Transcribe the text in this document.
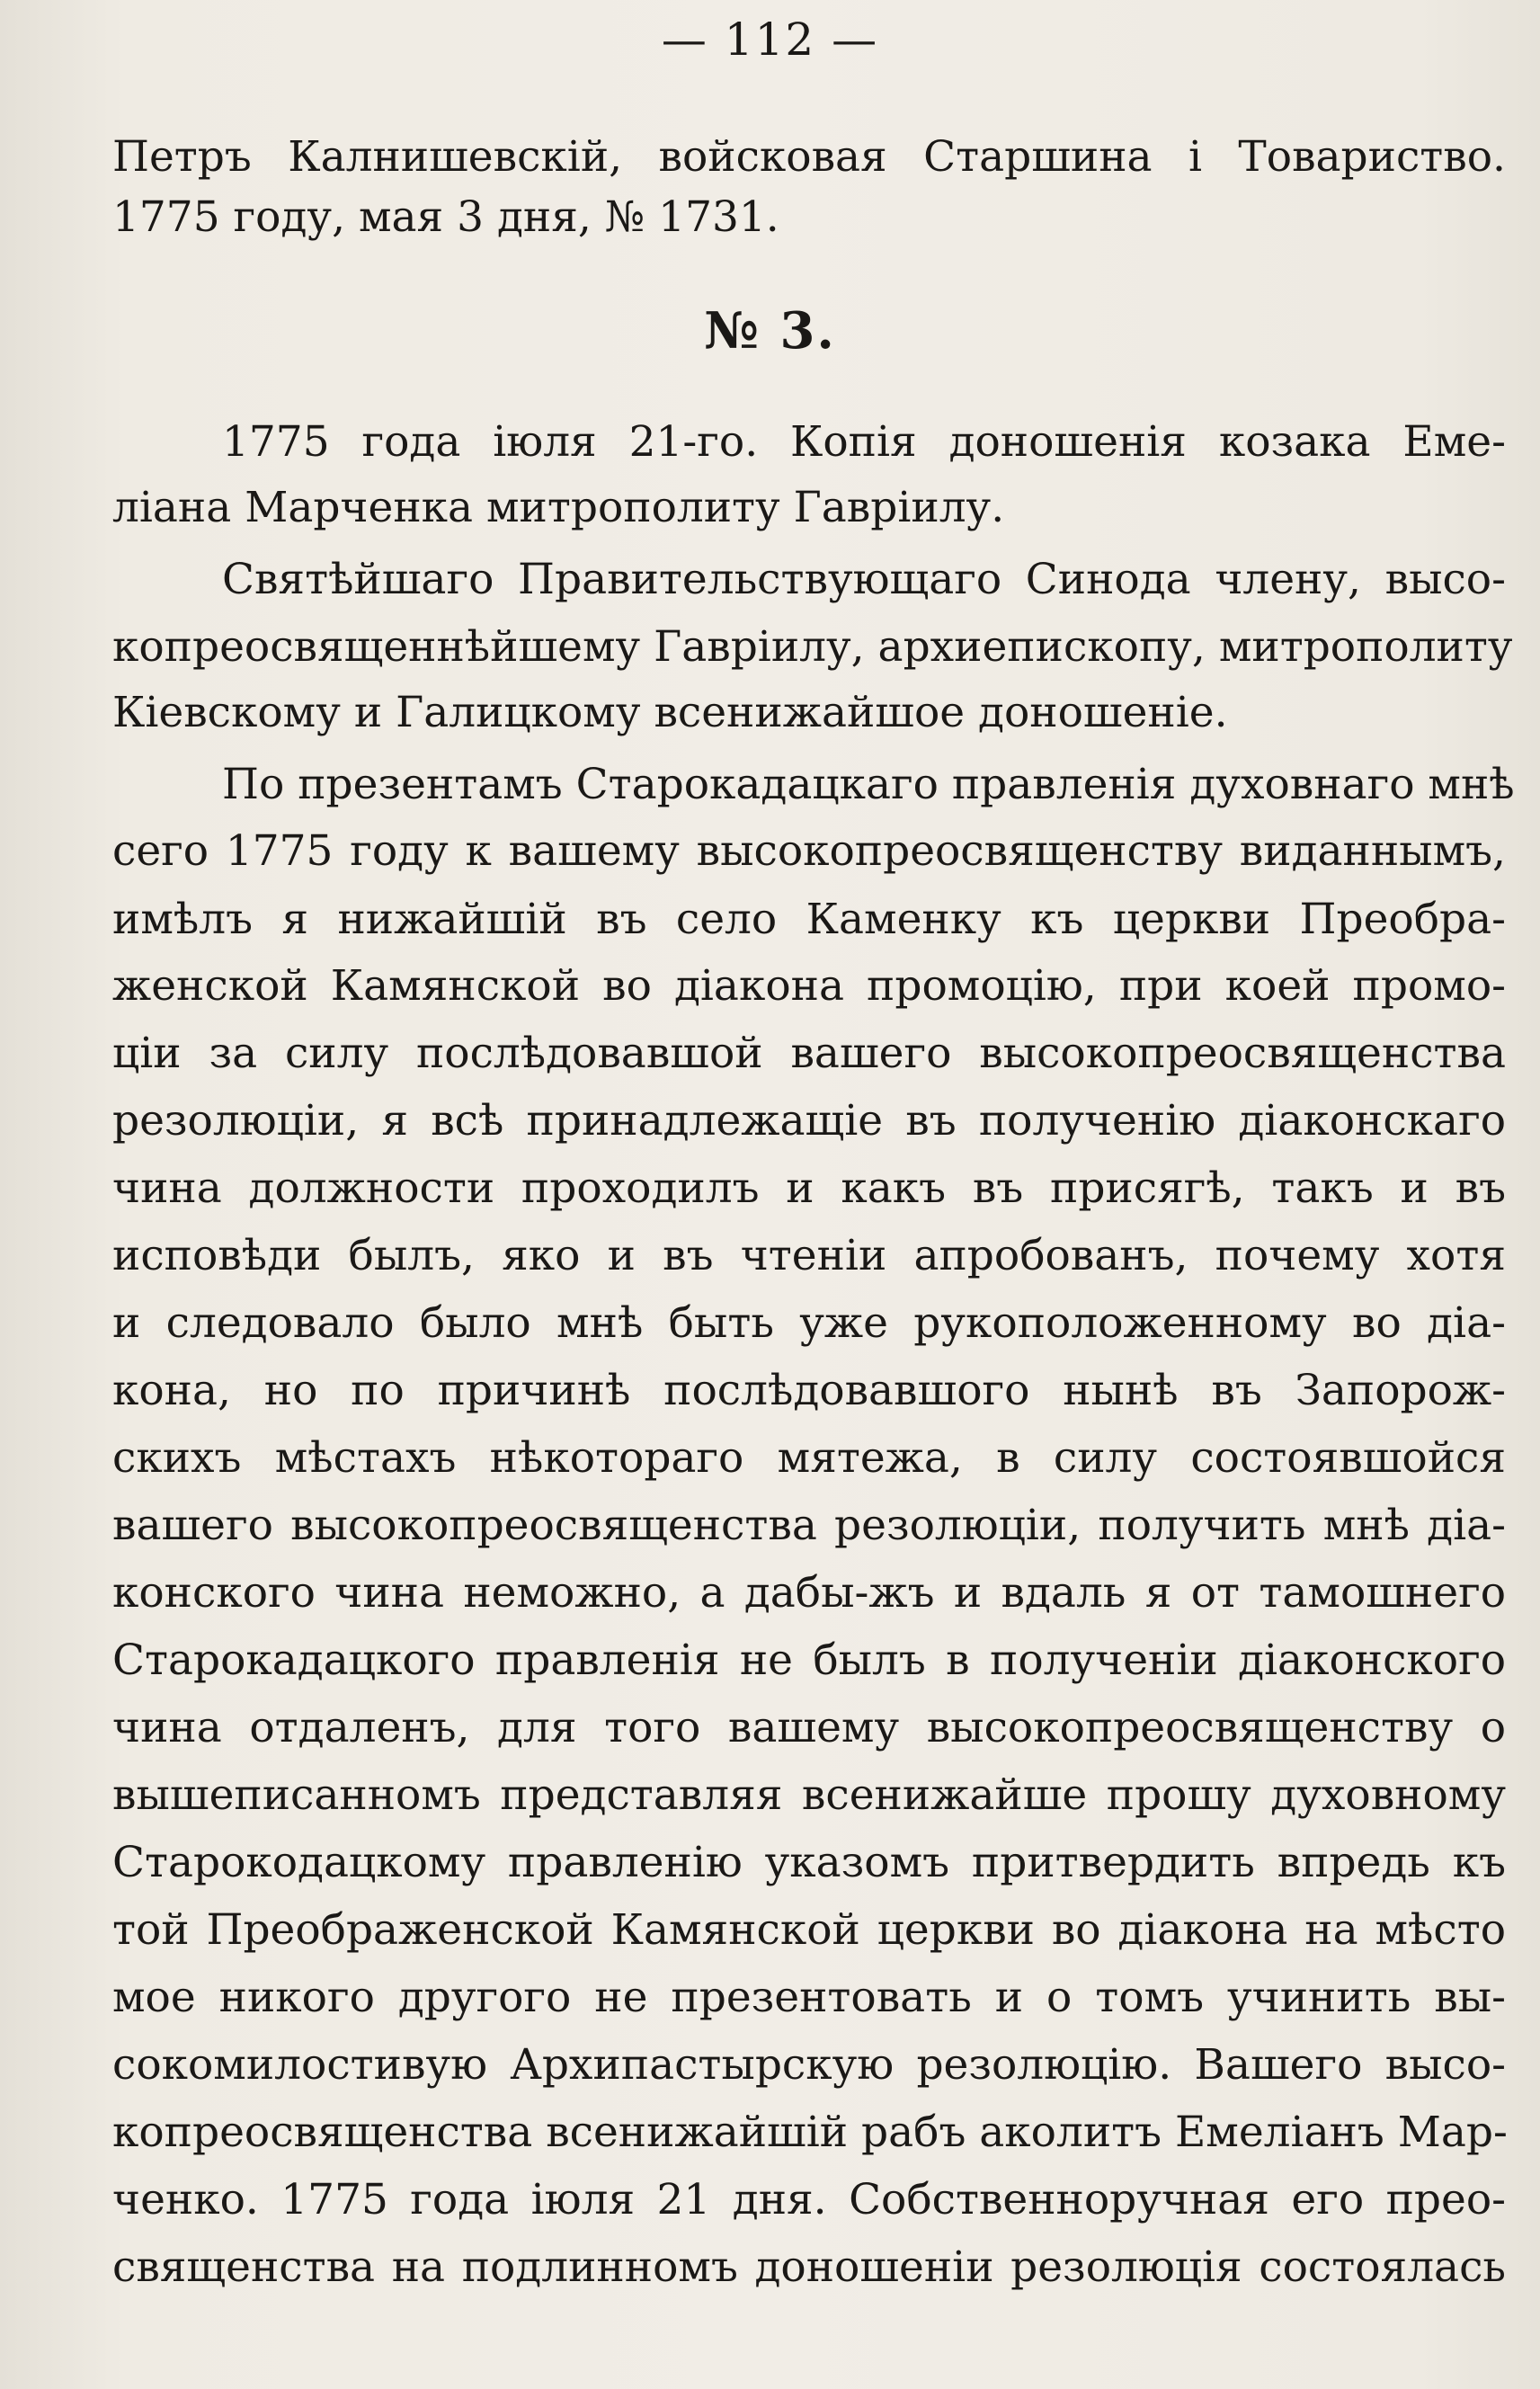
— 112 —
Петръ Калнишевскій, войсковая Старшина і Товариство.
1775 году, мая 3 дня, № 1731.
№ 3.
1775 года іюля 21-го. Копія доношенія козака Еме-
ліана Марченка митрополиту Гавріилу.
Святѣйшаго Правительствующаго Синода члену, высо-
копреосвященнѣйшему Гавріилу, архиепископу, митрополиту
Кіевскому и Галицкому всенижайшое доношеніе.
По презентамъ Старокадацкаго правленія духовнаго мнѣ
сего 1775 году к вашему высокопреосвященству виданнымъ,
имѣлъ я нижайшій въ село Каменку къ церкви Преобра-
женской Камянской во діакона промоцію, при коей промо-
ціи за силу послѣдовавшой вашего высокопреосвященства
резолюціи, я всѣ принадлежащіе въ полученію діаконскаго
чина должности проходилъ и какъ въ присягѣ, такъ и въ
исповѣди былъ, яко и въ чтеніи апробованъ, почему хотя
и следовало было мнѣ быть уже рукоположенному во діа-
кона, но по причинѣ послѣдовавшого нынѣ въ Запорож-
скихъ мѣстахъ нѣкотораго мятежа, в силу состоявшойся
вашего высокопреосвященства резолюціи, получить мнѣ діа-
конского чина неможно, а дабы-жъ и вдаль я от тамошнего
Старокадацкого правленія не былъ в полученіи діаконского
чина отдаленъ, для того вашему высокопреосвященству о
вышеписанномъ представляя всенижайше прошу духовному
Старокодацкому правленію указомъ притвердить впредь къ
той Преображенской Камянской церкви во діакона на мѣсто
мое никого другого не презентовать и о томъ учинить вы-
сокомилостивую Архипастырскую резолюцію. Вашего высо-
копреосвященства всенижайшій рабъ аколитъ Емеліанъ Мар-
ченко. 1775 года іюля 21 дня. Собственноручная его прео-
священства на подлинномъ доношеніи резолюція состоялась
